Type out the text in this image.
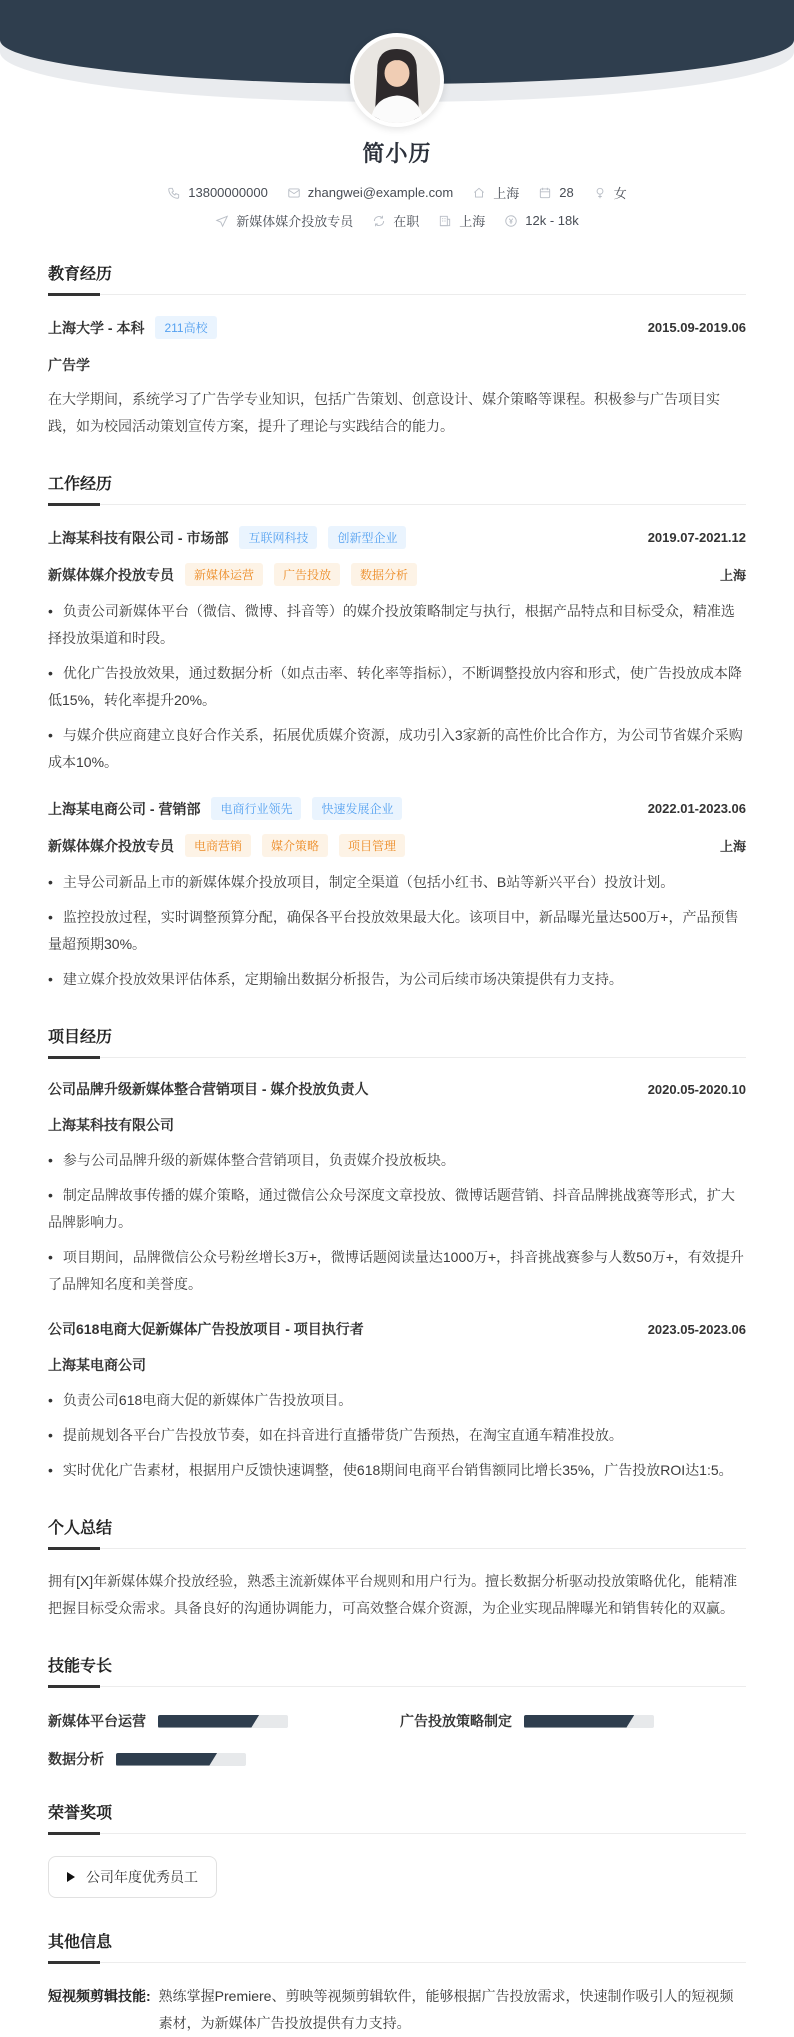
简小历
13800000000	zhangwei@example.com	上海	28	女
新媒体媒介投放专员	在职	上海	12k - 18k
教育经历
上海大学 - 本科	211高校	2015.09-2019.06
广告学

在大学期间，系统学习了广告学专业知识，包括广告策划、创意设计、媒介策略等课程。积极参与广告项目实践，如为校园活动策划宣传方案，提升了理论与实践结合的能力。

工作经历
上海某科技有限公司 - 市场部	互联网科技	创新型企业	2019.07-2021.12
新媒体媒介投放专员	新媒体运营	广告投放	数据分析	上海

• 负责公司新媒体平台（微信、微博、抖音等）的媒介投放策略制定与执行，根据产品特点和目标受众，精准选择投放渠道和时段。

• 优化广告投放效果，通过数据分析（如点击率、转化率等指标），不断调整投放内容和形式，使广告投放成本降低15%，转化率提升20%。

• 与媒介供应商建立良好合作关系，拓展优质媒介资源，成功引入3家新的高性价比合作方，为公司节省媒介采购成本10%。

上海某电商公司 - 营销部	电商行业领先	快速发展企业	2022.01-2023.06
新媒体媒介投放专员	电商营销	媒介策略	项目管理	上海

• 主导公司新品上市的新媒体媒介投放项目，制定全渠道（包括小红书、B站等新兴平台）投放计划。

• 监控投放过程，实时调整预算分配，确保各平台投放效果最大化。该项目中，新品曝光量达500万+，产品预售量超预期30%。

• 建立媒介投放效果评估体系，定期输出数据分析报告，为公司后续市场决策提供有力支持。

项目经历
公司品牌升级新媒体整合营销项目 - 媒介投放负责人	2020.05-2020.10
上海某科技有限公司

• 参与公司品牌升级的新媒体整合营销项目，负责媒介投放板块。

• 制定品牌故事传播的媒介策略，通过微信公众号深度文章投放、微博话题营销、抖音品牌挑战赛等形式，扩大品牌影响力。

• 项目期间，品牌微信公众号粉丝增长3万+，微博话题阅读量达1000万+，抖音挑战赛参与人数50万+，有效提升了品牌知名度和美誉度。

公司618电商大促新媒体广告投放项目 - 项目执行者	2023.05-2023.06
上海某电商公司

• 负责公司618电商大促的新媒体广告投放项目。

• 提前规划各平台广告投放节奏，如在抖音进行直播带货广告预热，在淘宝直通车精准投放。

• 实时优化广告素材，根据用户反馈快速调整，使618期间电商平台销售额同比增长35%，广告投放ROI达1:5。

个人总结

拥有[X]年新媒体媒介投放经验，熟悉主流新媒体平台规则和用户行为。擅长数据分析驱动投放策略优化，能精准把握目标受众需求。具备良好的沟通协调能力，可高效整合媒介资源，为企业实现品牌曝光和销售转化的双赢。

技能专长
新媒体平台运营	广告投放策略制定
数据分析
荣誉奖项
公司年度优秀员工
其他信息
短视频剪辑技能: 熟练掌握Premiere、剪映等视频剪辑软件，能够根据广告投放需求，快速制作吸引人的短视频素材，为新媒体广告投放提供有力支持。
